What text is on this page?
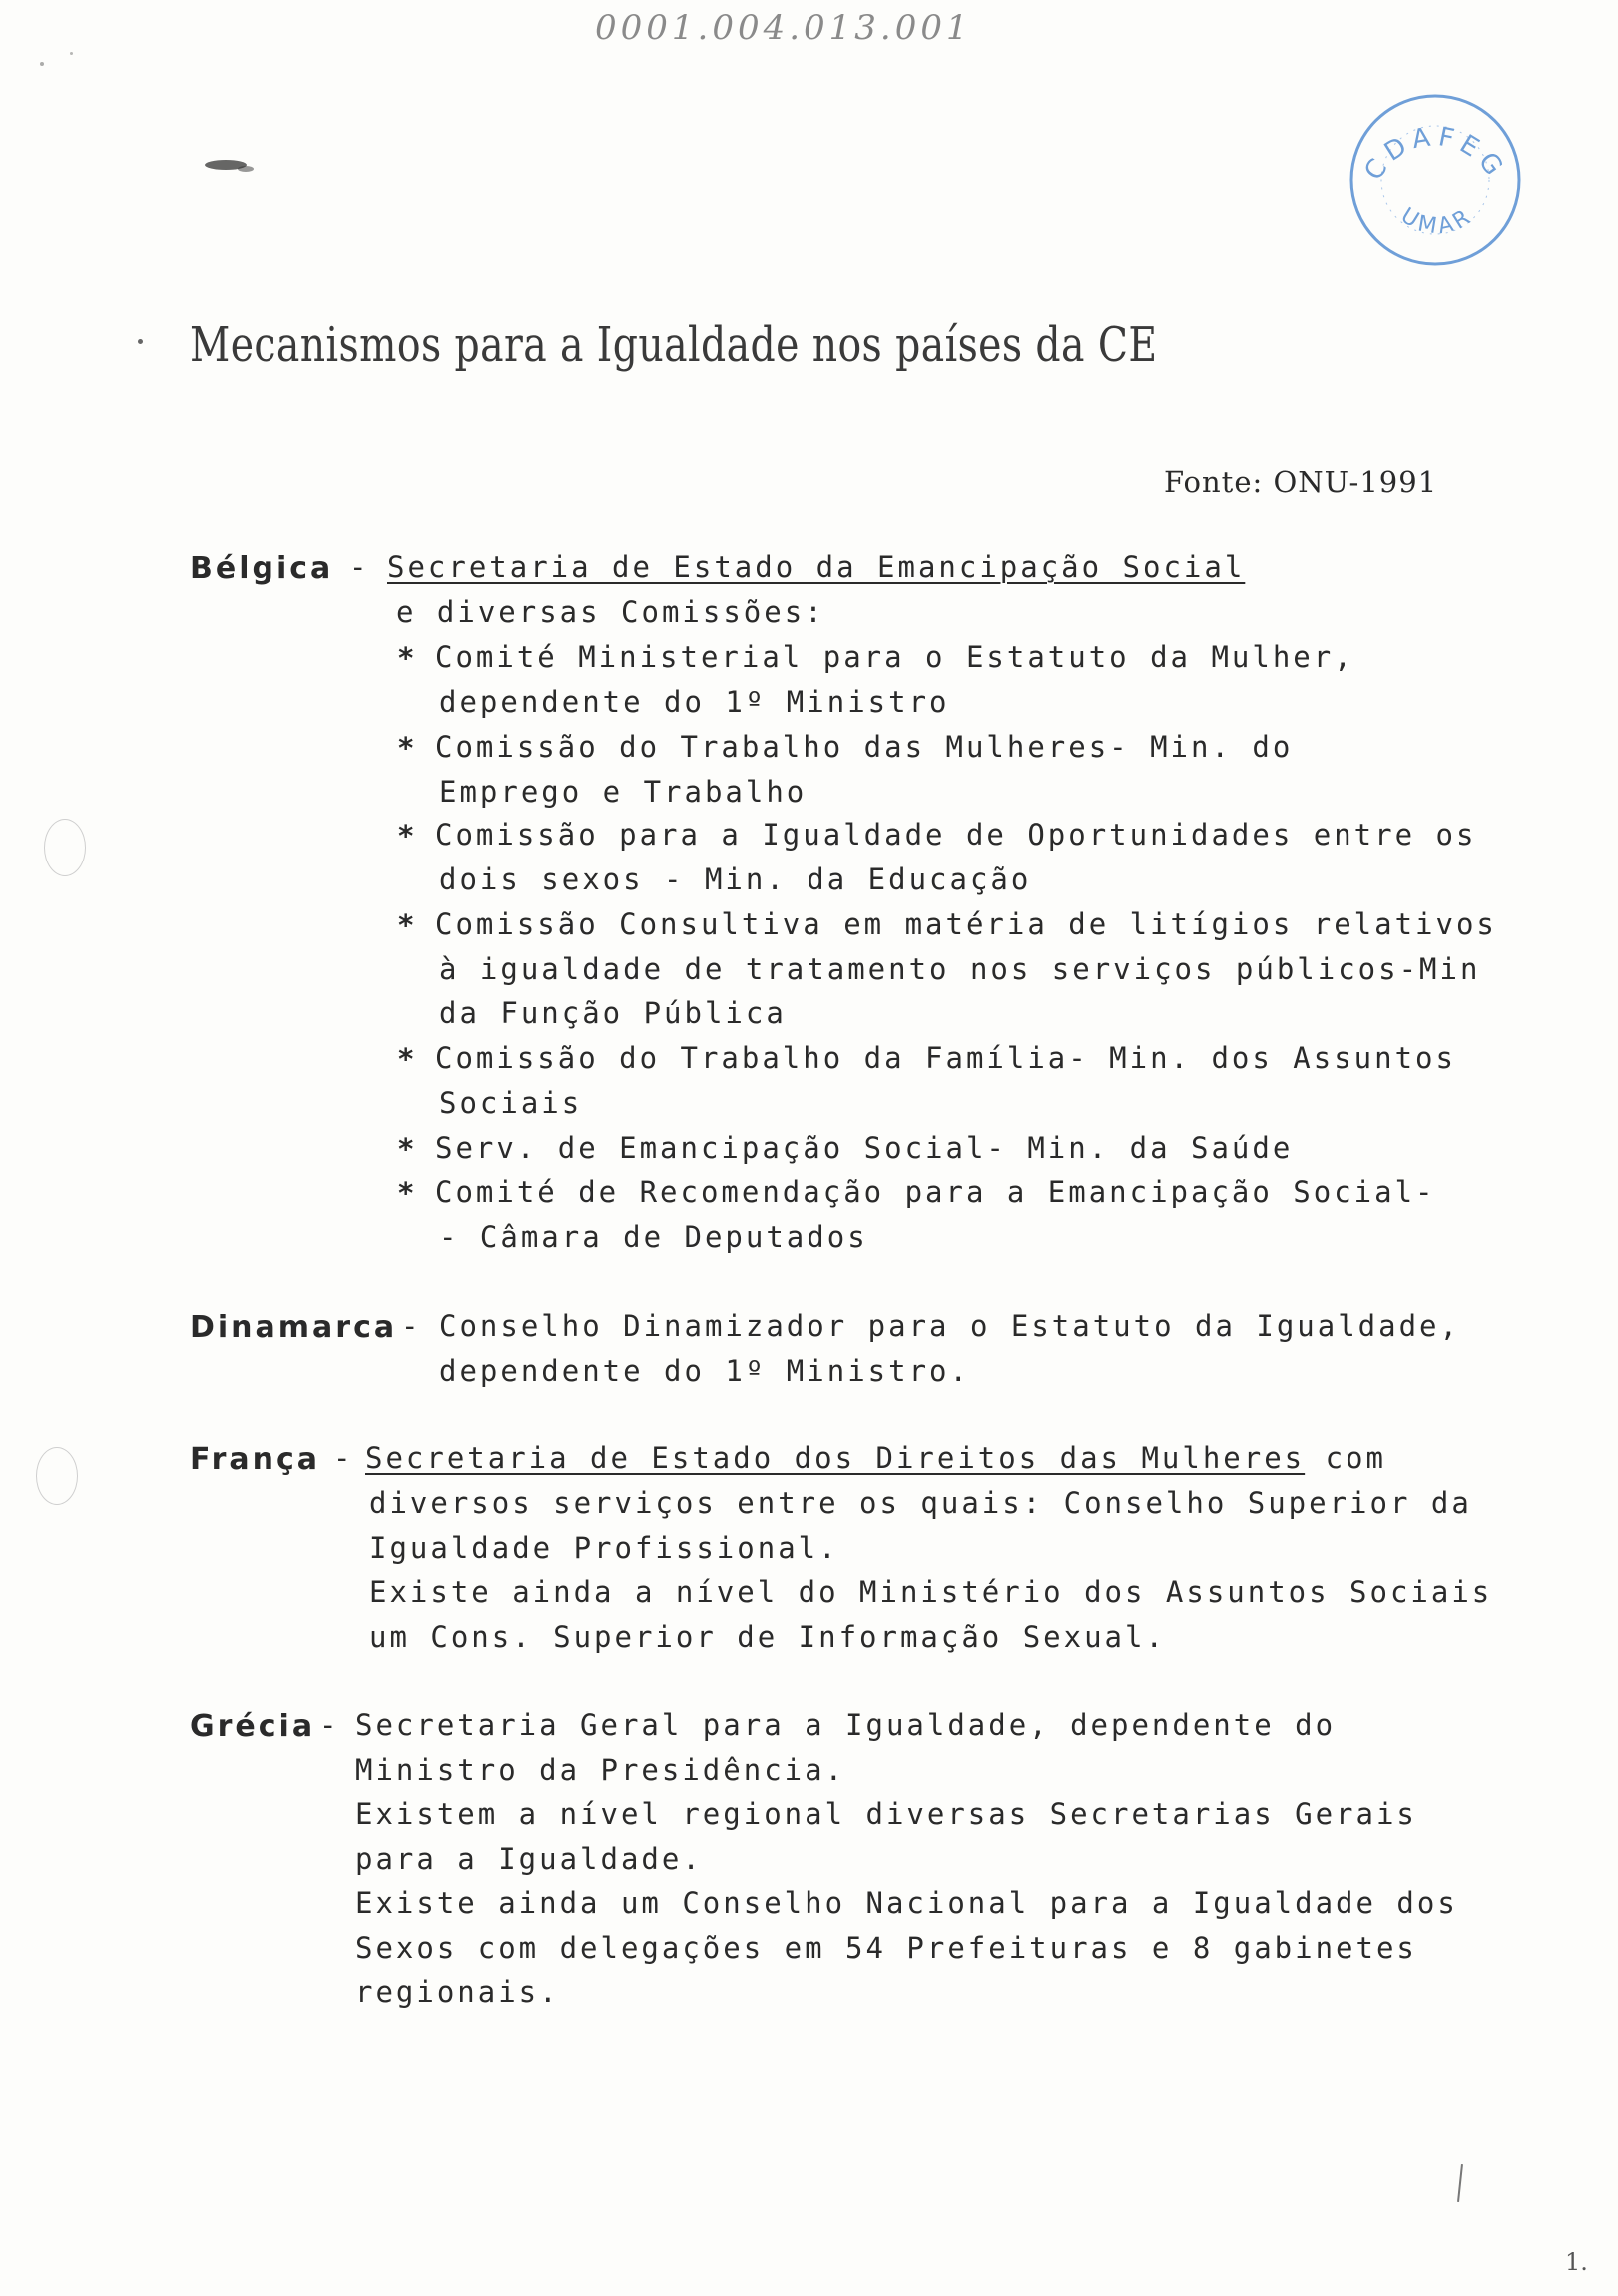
0001.004.013.001
CDAFEG
UMAR
Mecanismos para a Igualdade nos países da CE
Fonte: ONU-1991
Bélgica - Secretaria de Estado da Emancipação Social
e diversas Comissões:
* Comité Ministerial para o Estatuto da Mulher,
dependente do 1º Ministro
* Comissão do Trabalho das Mulheres- Min. do
Emprego e Trabalho
* Comissão para a Igualdade de Oportunidades entre os
dois sexos - Min. da Educação
* Comissão Consultiva em matéria de litígios relativos
à igualdade de tratamento nos serviços públicos-Min
da Função Pública
* Comissão do Trabalho da Família- Min. dos Assuntos
Sociais
* Serv. de Emancipação Social- Min. da Saúde
* Comité de Recomendação para a Emancipação Social-
- Câmara de Deputados
Dinamarca - Conselho Dinamizador para o Estatuto da Igualdade,
dependente do 1º Ministro.
França - Secretaria de Estado dos Direitos das Mulheres com
diversos serviços entre os quais: Conselho Superior da
Igualdade Profissional.
Existe ainda a nível do Ministério dos Assuntos Sociais
um Cons. Superior de Informação Sexual.
Grécia - Secretaria Geral para a Igualdade, dependente do
Ministro da Presidência.
Existem a nível regional diversas Secretarias Gerais
para a Igualdade.
Existe ainda um Conselho Nacional para a Igualdade dos
Sexos com delegações em 54 Prefeituras e 8 gabinetes
regionais.
1.
